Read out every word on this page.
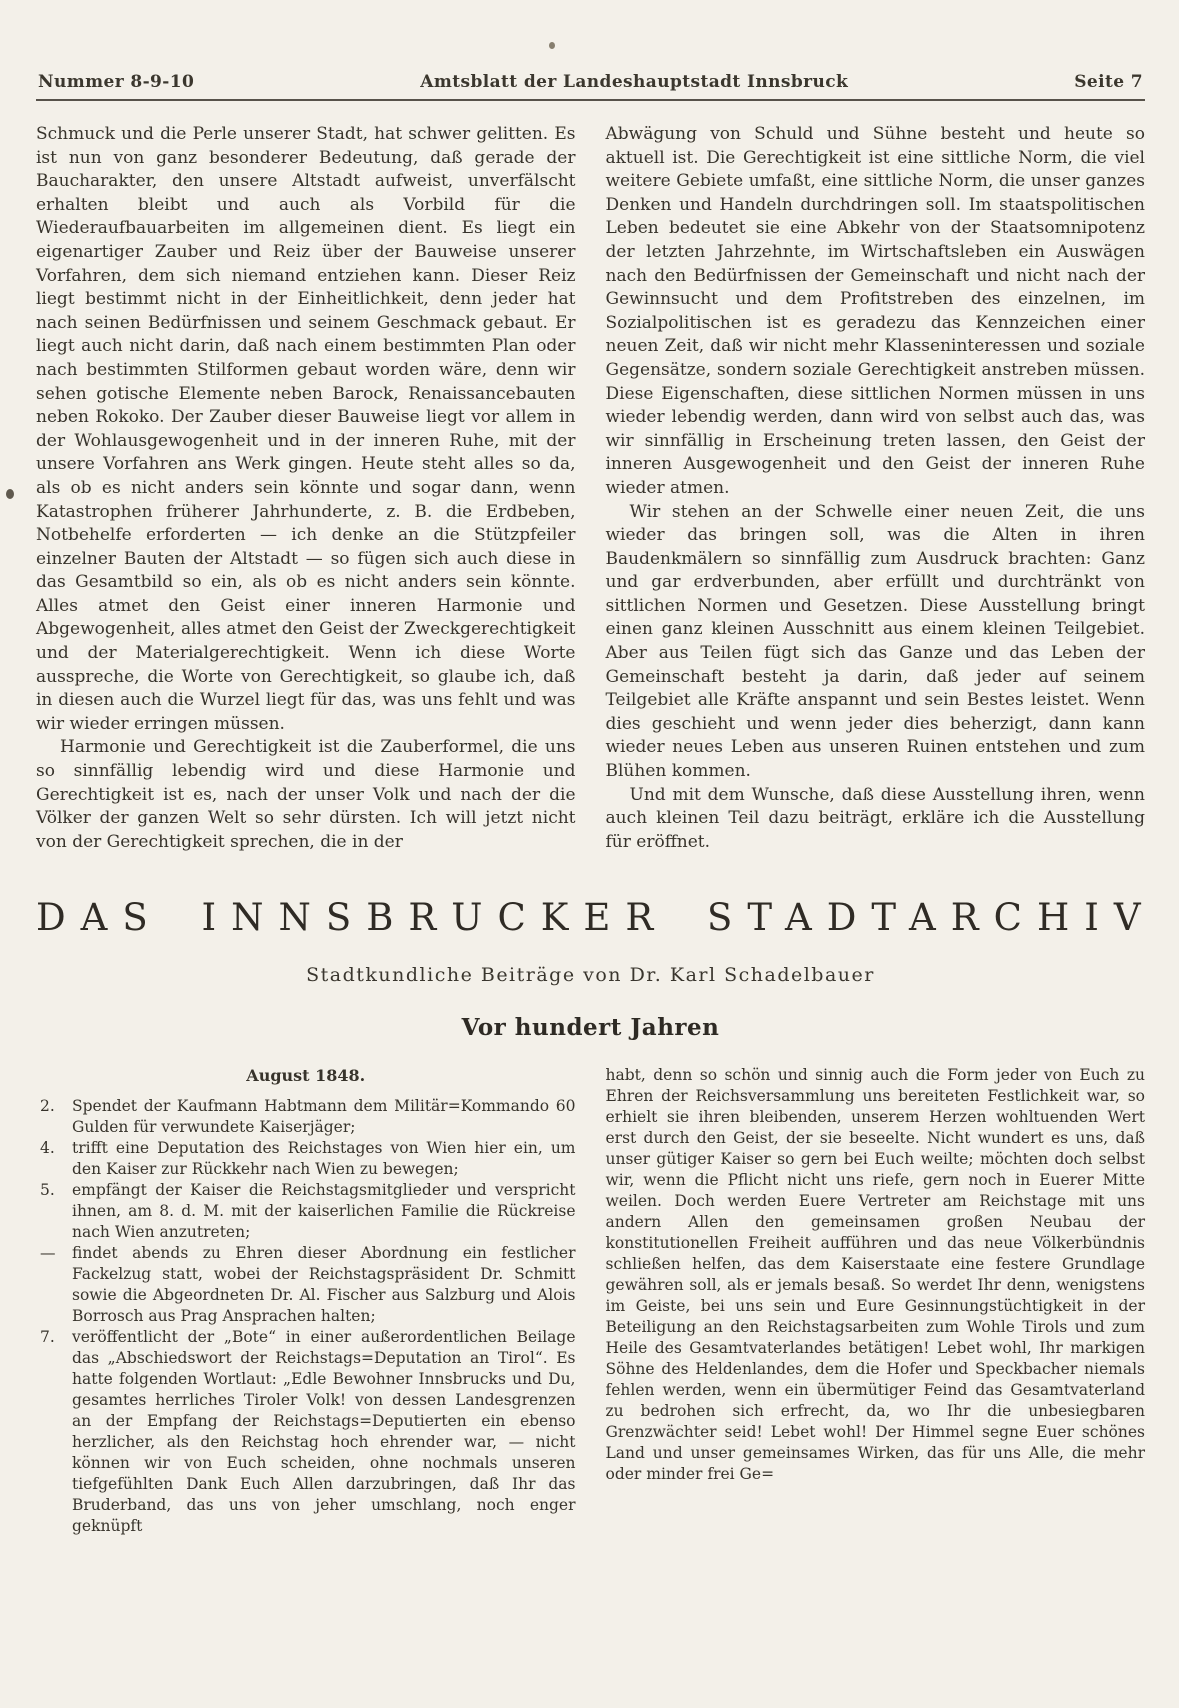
Nummer 8-9-10	Amtsblatt der Landeshauptstadt Innsbruck	Seite 7

Schmuck und die Perle unserer Stadt, hat schwer gelitten. Es ist nun von ganz besonderer Bedeutung, daß gerade der Baucharakter, den unsere Altstadt aufweist, unverfälscht erhalten bleibt und auch als Vorbild für die Wiederaufbauarbeiten im allgemeinen dient. Es liegt ein eigenartiger Zauber und Reiz über der Bauweise unserer Vorfahren, dem sich niemand entziehen kann. Dieser Reiz liegt bestimmt nicht in der Einheitlichkeit, denn jeder hat nach seinen Bedürfnissen und seinem Geschmack gebaut. Er liegt auch nicht darin, daß nach einem bestimmten Plan oder nach bestimmten Stilformen gebaut worden wäre, denn wir sehen gotische Elemente neben Barock, Renaissancebauten neben Rokoko. Der Zauber dieser Bauweise liegt vor allem in der Wohlausgewogenheit und in der inneren Ruhe, mit der unsere Vorfahren ans Werk gingen. Heute steht alles so da, als ob es nicht anders sein könnte und sogar dann, wenn Katastrophen früherer Jahrhunderte, z. B. die Erdbeben, Notbehelfe erforderten — ich denke an die Stützpfeiler einzelner Bauten der Altstadt — so fügen sich auch diese in das Gesamtbild so ein, als ob es nicht anders sein könnte. Alles atmet den Geist einer inneren Harmonie und Abgewogenheit, alles atmet den Geist der Zweckgerechtigkeit und der Materialgerechtigkeit. Wenn ich diese Worte ausspreche, die Worte von Gerechtigkeit, so glaube ich, daß in diesen auch die Wurzel liegt für das, was uns fehlt und was wir wieder erringen müssen.

Harmonie und Gerechtigkeit ist die Zauberformel, die uns so sinnfällig lebendig wird und diese Harmonie und Gerechtigkeit ist es, nach der unser Volk und nach der die Völker der ganzen Welt so sehr dürsten. Ich will jetzt nicht von der Gerechtigkeit sprechen, die in der

Abwägung von Schuld und Sühne besteht und heute so aktuell ist. Die Gerechtigkeit ist eine sittliche Norm, die viel weitere Gebiete umfaßt, eine sittliche Norm, die unser ganzes Denken und Handeln durchdringen soll. Im staatspolitischen Leben bedeutet sie eine Abkehr von der Staatsomnipotenz der letzten Jahrzehnte, im Wirtschaftsleben ein Auswägen nach den Bedürfnissen der Gemeinschaft und nicht nach der Gewinnsucht und dem Profitstreben des einzelnen, im Sozialpolitischen ist es geradezu das Kennzeichen einer neuen Zeit, daß wir nicht mehr Klasseninteressen und soziale Gegensätze, sondern soziale Gerechtigkeit anstreben müssen. Diese Eigenschaften, diese sittlichen Normen müssen in uns wieder lebendig werden, dann wird von selbst auch das, was wir sinnfällig in Erscheinung treten lassen, den Geist der inneren Ausgewogenheit und den Geist der inneren Ruhe wieder atmen.

Wir stehen an der Schwelle einer neuen Zeit, die uns wieder das bringen soll, was die Alten in ihren Baudenkmälern so sinnfällig zum Ausdruck brachten: Ganz und gar erdverbunden, aber erfüllt und durchtränkt von sittlichen Normen und Gesetzen. Diese Ausstellung bringt einen ganz kleinen Ausschnitt aus einem kleinen Teilgebiet. Aber aus Teilen fügt sich das Ganze und das Leben der Gemeinschaft besteht ja darin, daß jeder auf seinem Teilgebiet alle Kräfte anspannt und sein Bestes leistet. Wenn dies geschieht und wenn jeder dies beherzigt, dann kann wieder neues Leben aus unseren Ruinen entstehen und zum Blühen kommen.

Und mit dem Wunsche, daß diese Ausstellung ihren, wenn auch kleinen Teil dazu beiträgt, erkläre ich die Ausstellung für eröffnet.

DAS INNSBRUCKER STADTARCHIV
Stadtkundliche Beiträge von Dr. Karl Schadelbauer
Vor hundert Jahren
August 1848.

2. Spendet der Kaufmann Habtmann dem Militär=Kommando 60 Gulden für verwundete Kaiserjäger;

4. trifft eine Deputation des Reichstages von Wien hier ein, um den Kaiser zur Rückkehr nach Wien zu bewegen;

5. empfängt der Kaiser die Reichstagsmitglieder und verspricht ihnen, am 8. d. M. mit der kaiserlichen Familie die Rückreise nach Wien anzutreten;

— findet abends zu Ehren dieser Abordnung ein festlicher Fackelzug statt, wobei der Reichstagspräsident Dr. Schmitt sowie die Abgeordneten Dr. Al. Fischer aus Salzburg und Alois Borrosch aus Prag Ansprachen halten;

7. veröffentlicht der „Bote“ in einer außerordentlichen Beilage das „Abschiedswort der Reichstags=Deputation an Tirol“. Es hatte folgenden Wortlaut: „Edle Bewohner Innsbrucks und Du, gesamtes herrliches Tiroler Volk! von dessen Landesgrenzen an der Empfang der Reichstags=Deputierten ein ebenso herzlicher, als den Reichstag hoch ehrender war, — nicht können wir von Euch scheiden, ohne nochmals unseren tiefgefühlten Dank Euch Allen darzubringen, daß Ihr das Bruderband, das uns von jeher umschlang, noch enger geknüpft

habt, denn so schön und sinnig auch die Form jeder von Euch zu Ehren der Reichsversammlung uns bereiteten Festlichkeit war, so erhielt sie ihren bleibenden, unserem Herzen wohltuenden Wert erst durch den Geist, der sie beseelte. Nicht wundert es uns, daß unser gütiger Kaiser so gern bei Euch weilte; möchten doch selbst wir, wenn die Pflicht nicht uns riefe, gern noch in Euerer Mitte weilen. Doch werden Euere Vertreter am Reichstage mit uns andern Allen den gemeinsamen großen Neubau der konstitutionellen Freiheit aufführen und das neue Völkerbündnis schließen helfen, das dem Kaiserstaate eine festere Grundlage gewähren soll, als er jemals besaß. So werdet Ihr denn, wenigstens im Geiste, bei uns sein und Eure Gesinnungstüchtigkeit in der Beteiligung an den Reichstagsarbeiten zum Wohle Tirols und zum Heile des Gesamtvaterlandes betätigen! Lebet wohl, Ihr markigen Söhne des Heldenlandes, dem die Hofer und Speckbacher niemals fehlen werden, wenn ein übermütiger Feind das Gesamtvaterland zu bedrohen sich erfrecht, da, wo Ihr die unbesiegbaren Grenzwächter seid! Lebet wohl! Der Himmel segne Euer schönes Land und unser gemeinsames Wirken, das für uns Alle, die mehr oder minder frei Ge=
